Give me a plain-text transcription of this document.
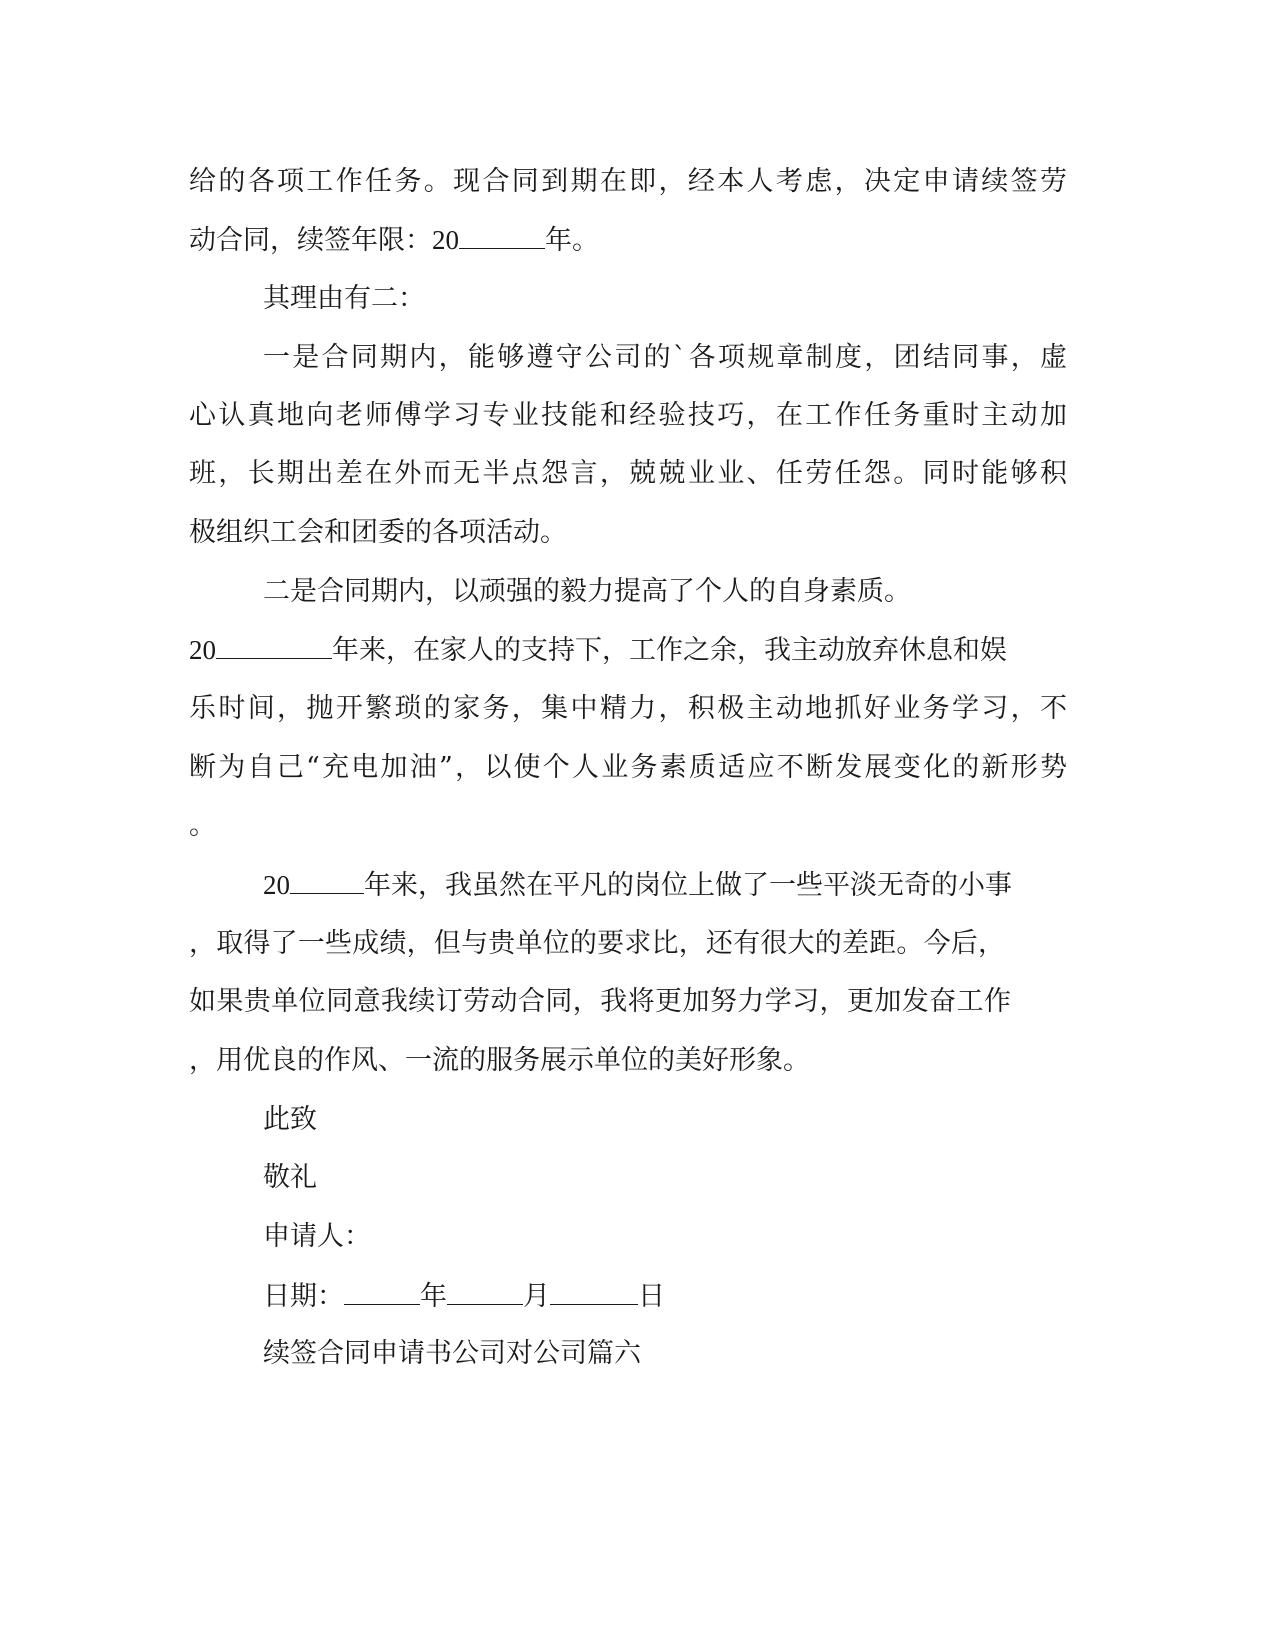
给的各项工作任务。现合同到期在即，经本人考虑，决定申请续签劳
动合同，续签年限：20	年。
其理由有二：
一是合同期内，能够遵守公司的`各项规章制度，团结同事，虚
心认真地向老师傅学习专业技能和经验技巧，在工作任务重时主动加
班，长期出差在外而无半点怨言，兢兢业业、任劳任怨。同时能够积
极组织工会和团委的各项活动。
二是合同期内，以顽强的毅力提高了个人的自身素质。
20	年来，在家人的支持下，工作之余，我主动放弃休息和娱
乐时间，抛开繁琐的家务，集中精力，积极主动地抓好业务学习，不
断为自己“充电加油”，以使个人业务素质适应不断发展变化的新形势
。
20	年来，我虽然在平凡的岗位上做了一些平淡无奇的小事
，取得了一些成绩，但与贵单位的要求比，还有很大的差距。今后，
如果贵单位同意我续订劳动合同，我将更加努力学习，更加发奋工作
，用优良的作风、一流的服务展示单位的美好形象。
此致
敬礼
申请人：
日期：	年	月	日
续签合同申请书公司对公司篇六
